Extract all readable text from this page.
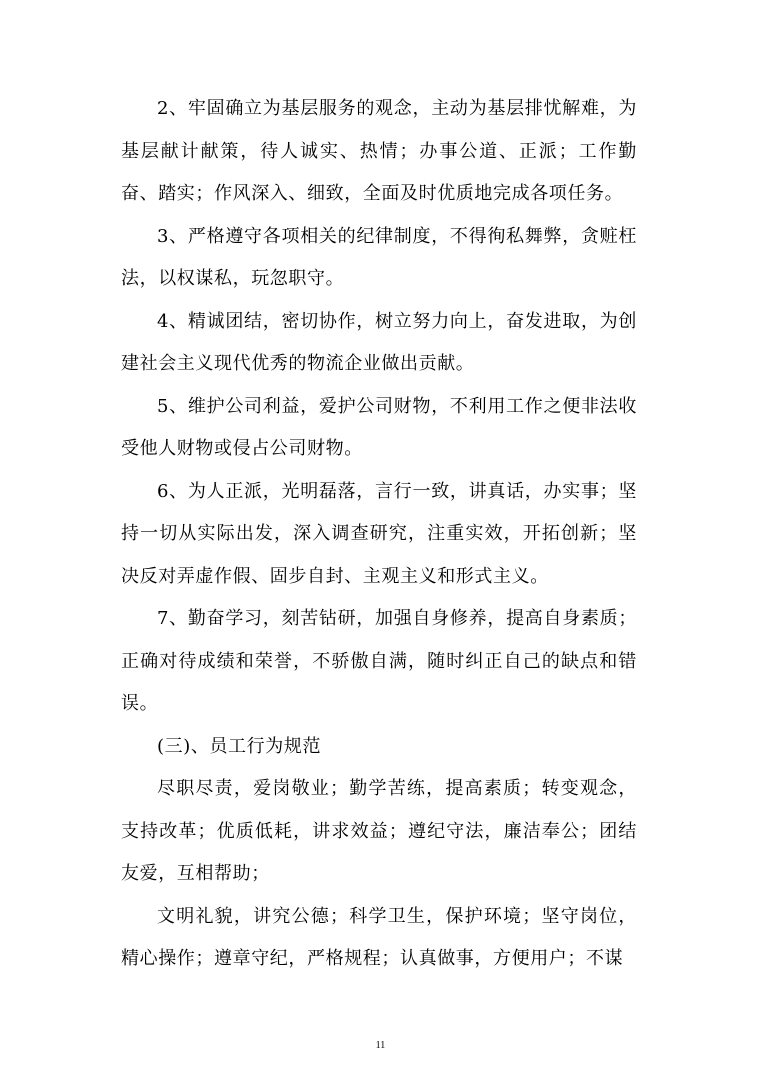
2、牢固确立为基层服务的观念，主动为基层排忧解难，为基层献计献策，待人诚实、热情；办事公道、正派；工作勤奋、踏实；作风深入、细致，全面及时优质地完成各项任务。

3、严格遵守各项相关的纪律制度，不得徇私舞弊，贪赃枉法，以权谋私，玩忽职守。

4、精诚团结，密切协作，树立努力向上，奋发进取，为创建社会主义现代优秀的物流企业做出贡献。

5、维护公司利益，爱护公司财物，不利用工作之便非法收受他人财物或侵占公司财物。

6、为人正派，光明磊落，言行一致，讲真话，办实事；坚持一切从实际出发，深入调查研究，注重实效，开拓创新；坚决反对弄虚作假、固步自封、主观主义和形式主义。

7、勤奋学习，刻苦钻研，加强自身修养，提高自身素质；正确对待成绩和荣誉，不骄傲自满，随时纠正自己的缺点和错误。

(三)、员工行为规范

尽职尽责，爱岗敬业；勤学苦练，提高素质；转变观念，支持改革；优质低耗，讲求效益；遵纪守法，廉洁奉公；团结友爱，互相帮助；

文明礼貌，讲究公德；科学卫生，保护环境；坚守岗位，精心操作；遵章守纪，严格规程；认真做事，方便用户；不谋

11
